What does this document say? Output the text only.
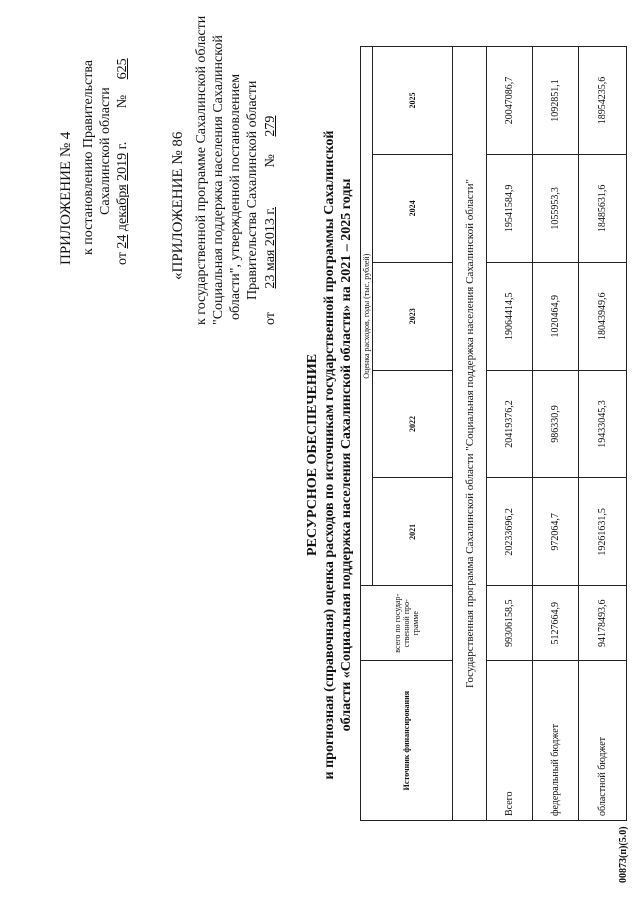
ПРИЛОЖЕНИЕ № 4 к постановлению Правительства Сахалинской области
от 24 декабря 2019 г. № 625
«ПРИЛОЖЕНИЕ № 86 к государственной программе Сахалинской области "Социальная поддержка населения Сахалинской области", утвержденной постановлением Правительства Сахалинской области
от 23 мая 2013 г. № 279
РЕСУРСНОЕ ОБЕСПЕЧЕНИЕ и прогнозная (справочная) оценка расходов по источникам государственной программы Сахалинской области «Социальная поддержка населения Сахалинской области» на 2021 – 2025 годы
Источник финансирования	всего по государ-ственной про-грамме	Оценка расходов, годы (тыс. рублей)				
		2021	2022	2023	2024	2025
Государственная программа Сахалинской области "Социальная поддержка населения Сахалинской области"						
Всего	99306158,5	20233696,2	20419376,2	19064414,5	19541584,9	20047086,7
федеральный бюджет	5127664,9	972064,7	986330,9	1020464,9	1055953,3	1092851,1
областной бюджет	94178493,6	19261631,5	19433045,3	18043949,6	18485631,6	18954235,6
00873(п)(5.0)
